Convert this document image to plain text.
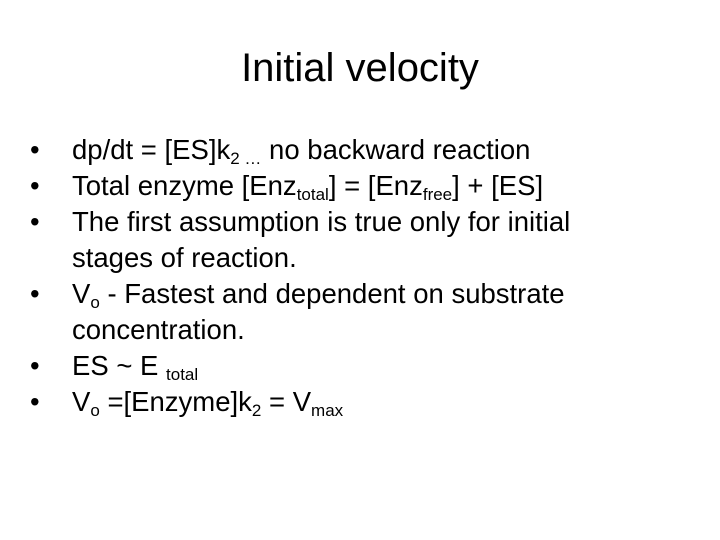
Initial velocity
•	$dp/dt = [ES]k_{2 \dots}$ no backward reaction
•	Total enzyme [Enz$_{total}$] = [Enz$_{free}$] + [ES]
•	The first assumption is true only for initial
stages of reaction.
•	$V_o$ - Fastest and dependent on substrate
concentration.
•	ES ~ E $_{total}$
•	$V_o$ $=[Enzyme]k_2 = V_{max}$
